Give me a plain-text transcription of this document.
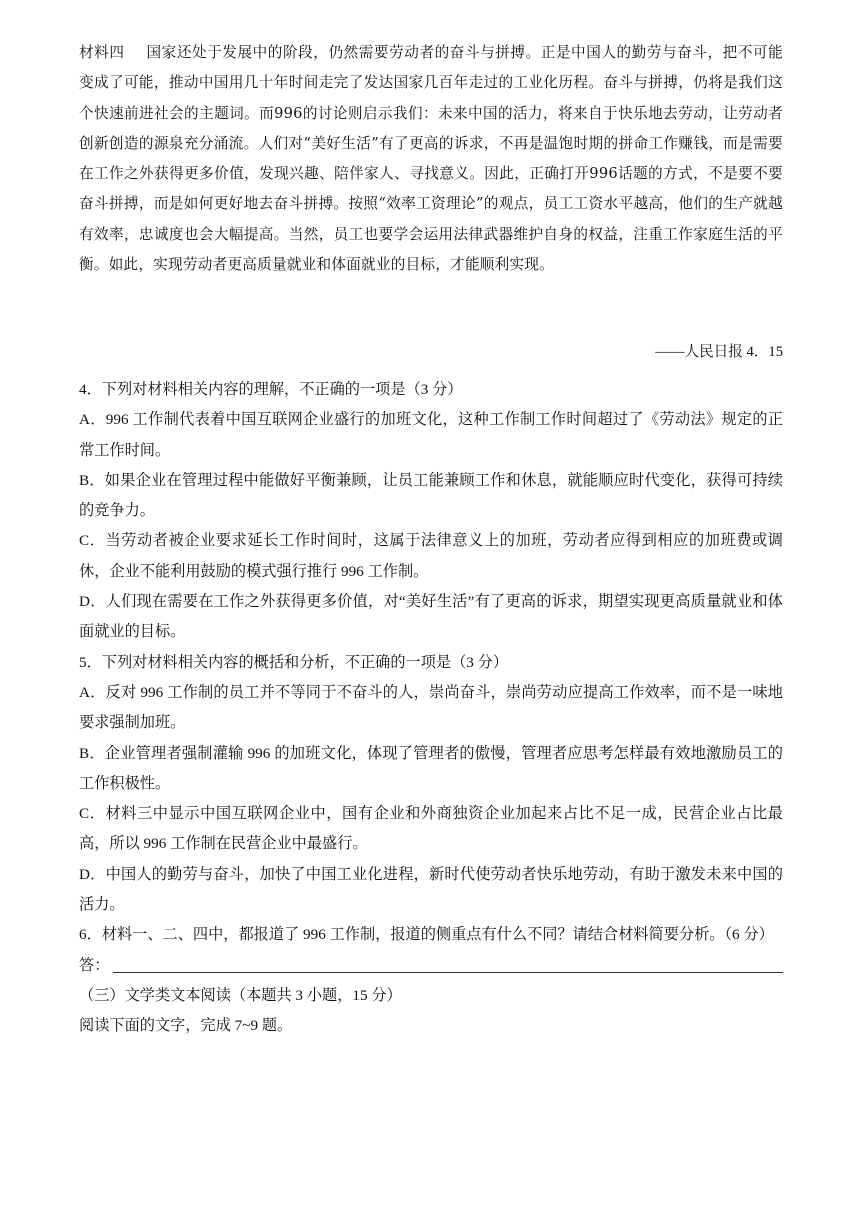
材料四 国家还处于发展中的阶段，仍然需要劳动者的奋斗与拼搏。正是中国人的勤劳与奋斗，把不可能变成了可能，推动中国用几十年时间走完了发达国家几百年走过的工业化历程。奋斗与拼搏，仍将是我们这个快速前进社会的主题词。而996的讨论则启示我们：未来中国的活力，将来自于快乐地去劳动，让劳动者创新创造的源泉充分涌流。人们对“美好生活”有了更高的诉求，不再是温饱时期的拼命工作赚钱，而是需要在工作之外获得更多价值，发现兴趣、陪伴家人、寻找意义。因此，正确打开996话题的方式，不是要不要奋斗拼搏，而是如何更好地去奋斗拼搏。按照“效率工资理论”的观点，员工工资水平越高，他们的生产就越有效率，忠诚度也会大幅提高。当然，员工也要学会运用法律武器维护自身的权益，注重工作家庭生活的平衡。如此，实现劳动者更高质量就业和体面就业的目标，才能顺利实现。
——人民日报 4．15

4．下列对材料相关内容的理解，不正确的一项是（3 分）

A．996 工作制代表着中国互联网企业盛行的加班文化，这种工作制工作时间超过了《劳动法》规定的正常工作时间。

B．如果企业在管理过程中能做好平衡兼顾，让员工能兼顾工作和休息，就能顺应时代变化，获得可持续的竞争力。

C．当劳动者被企业要求延长工作时间时，这属于法律意义上的加班，劳动者应得到相应的加班费或调休，企业不能利用鼓励的模式强行推行 996 工作制。

D．人们现在需要在工作之外获得更多价值，对“美好生活”有了更高的诉求，期望实现更高质量就业和体面就业的目标。

5．下列对材料相关内容的概括和分析，不正确的一项是（3 分）

A．反对 996 工作制的员工并不等同于不奋斗的人，崇尚奋斗，崇尚劳动应提高工作效率，而不是一味地要求强制加班。

B．企业管理者强制灌输 996 的加班文化，体现了管理者的傲慢，管理者应思考怎样最有效地激励员工的工作积极性。

C．材料三中显示中国互联网企业中，国有企业和外商独资企业加起来占比不足一成，民营企业占比最高，所以 996 工作制在民营企业中最盛行。

D．中国人的勤劳与奋斗，加快了中国工业化进程，新时代使劳动者快乐地劳动，有助于激发未来中国的活力。

6．材料一、二、四中，都报道了 996 工作制，报道的侧重点有什么不同？请结合材料简要分析。（6 分）

答：

（三）文学类文本阅读（本题共 3 小题，15 分）

阅读下面的文字，完成 7~9 题。
